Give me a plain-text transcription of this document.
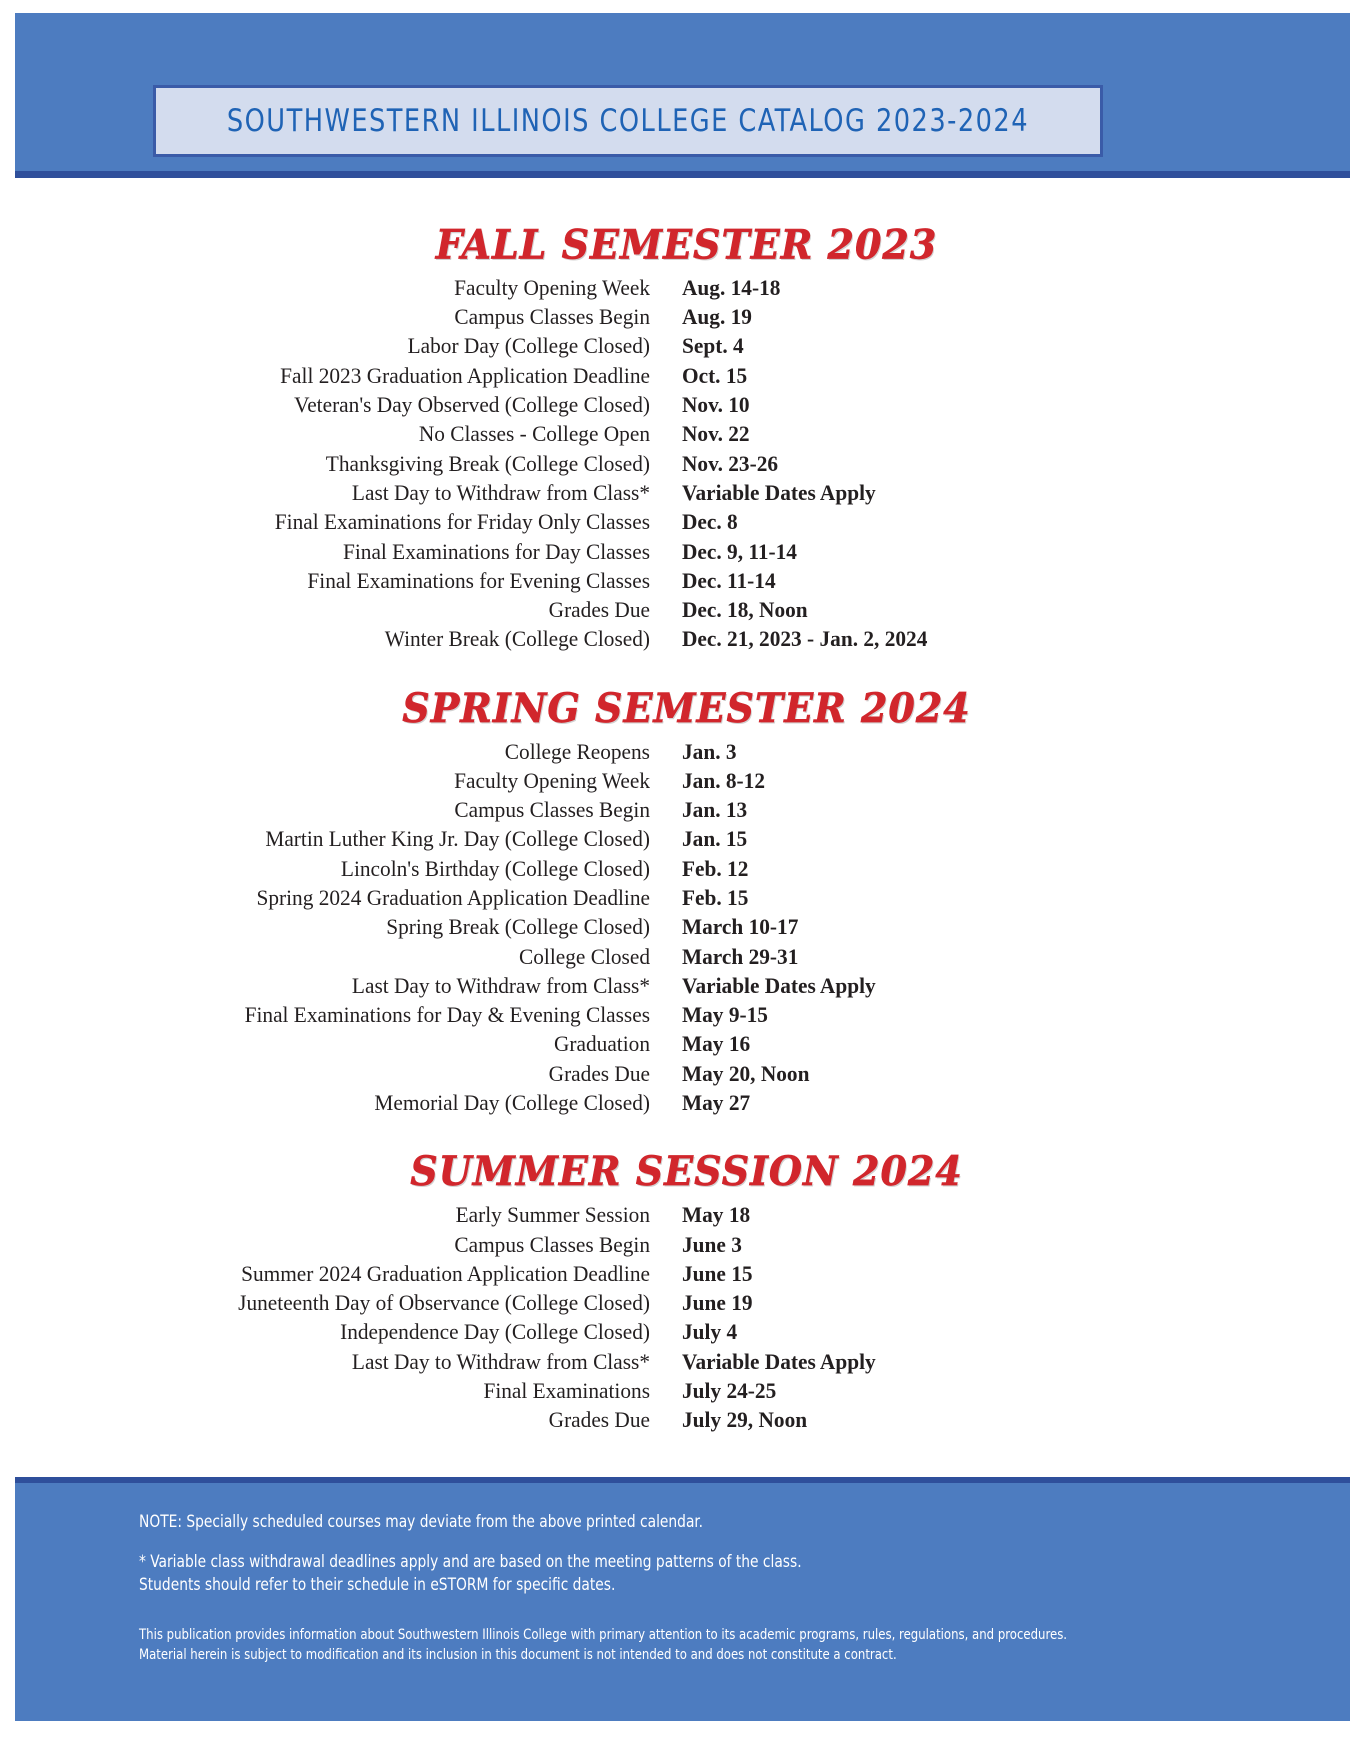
SOUTHWESTERN ILLINOIS COLLEGE CATALOG 2023-2024
FALL SEMESTER 2023
Faculty Opening Week Aug. 14-18
Campus Classes Begin Aug. 19
Labor Day (College Closed) Sept. 4
Fall 2023 Graduation Application Deadline Oct. 15
Veteran's Day Observed (College Closed) Nov. 10
No Classes - College Open Nov. 22
Thanksgiving Break (College Closed) Nov. 23-26
Last Day to Withdraw from Class* Variable Dates Apply
Final Examinations for Friday Only Classes Dec. 8
Final Examinations for Day Classes Dec. 9, 11-14
Final Examinations for Evening Classes Dec. 11-14
Grades Due Dec. 18, Noon
Winter Break (College Closed) Dec. 21, 2023 - Jan. 2, 2024
SPRING SEMESTER 2024
College Reopens Jan. 3
Faculty Opening Week Jan. 8-12
Campus Classes Begin Jan. 13
Martin Luther King Jr. Day (College Closed) Jan. 15
Lincoln's Birthday (College Closed) Feb. 12
Spring 2024 Graduation Application Deadline Feb. 15
Spring Break (College Closed) March 10-17
College Closed March 29-31
Last Day to Withdraw from Class* Variable Dates Apply
Final Examinations for Day & Evening Classes May 9-15
Graduation May 16
Grades Due May 20, Noon
Memorial Day (College Closed) May 27
SUMMER SESSION 2024
Early Summer Session May 18
Campus Classes Begin June 3
Summer 2024 Graduation Application Deadline June 15
Juneteenth Day of Observance (College Closed) June 19
Independence Day (College Closed) July 4
Last Day to Withdraw from Class* Variable Dates Apply
Final Examinations July 24-25
Grades Due July 29, Noon
NOTE: Specially scheduled courses may deviate from the above printed calendar.
* Variable class withdrawal deadlines apply and are based on the meeting patterns of the class.
Students should refer to their schedule in eSTORM for specific dates.
This publication provides information about Southwestern Illinois College with primary attention to its academic programs, rules, regulations, and procedures.
Material herein is subject to modification and its inclusion in this document is not intended to and does not constitute a contract.
